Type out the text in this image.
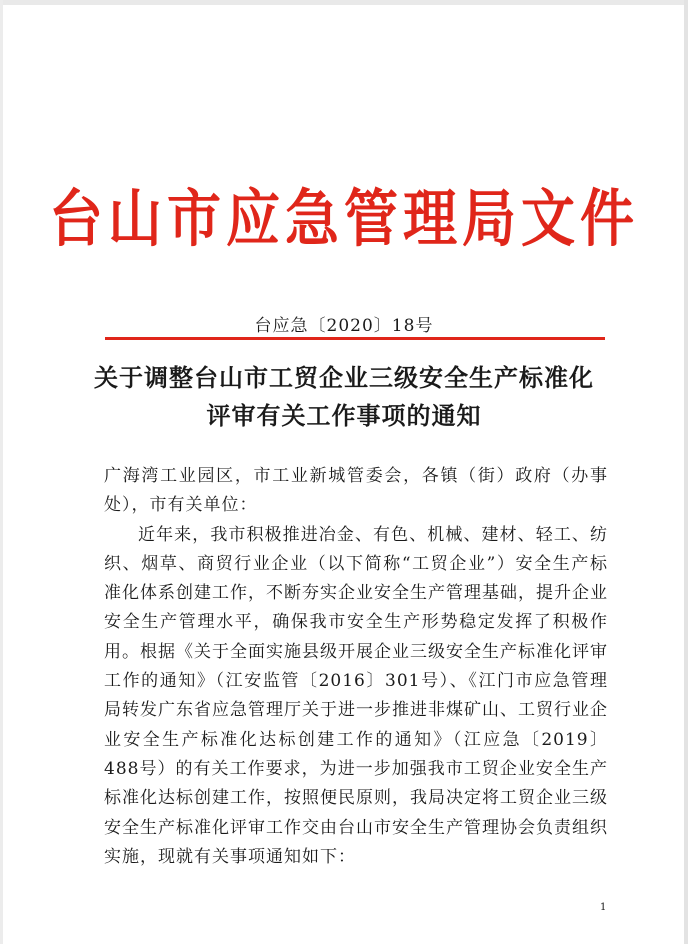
台山市应急管理局文件
台应急〔2020〕18号
关于调整台山市工贸企业三级安全生产标准化
评审有关工作事项的通知

广海湾工业园区，市工业新城管委会，各镇（街）政府（办事处），市有关单位：

近年来，我市积极推进冶金、有色、机械、建材、轻工、纺织、烟草、商贸行业企业（以下简称“工贸企业”）安全生产标准化体系创建工作，不断夯实企业安全生产管理基础，提升企业安全生产管理水平，确保我市安全生产形势稳定发挥了积极作用。根据《关于全面实施县级开展企业三级安全生产标准化评审工作的通知》（江安监管〔2016〕301号）、《江门市应急管理局转发广东省应急管理厅关于进一步推进非煤矿山、工贸行业企业安全生产标准化达标创建工作的通知》（江应急〔2019〕488号）的有关工作要求，为进一步加强我市工贸企业安全生产标准化达标创建工作，按照便民原则，我局决定将工贸企业三级安全生产标准化评审工作交由台山市安全生产管理协会负责组织实施，现就有关事项通知如下：

1
